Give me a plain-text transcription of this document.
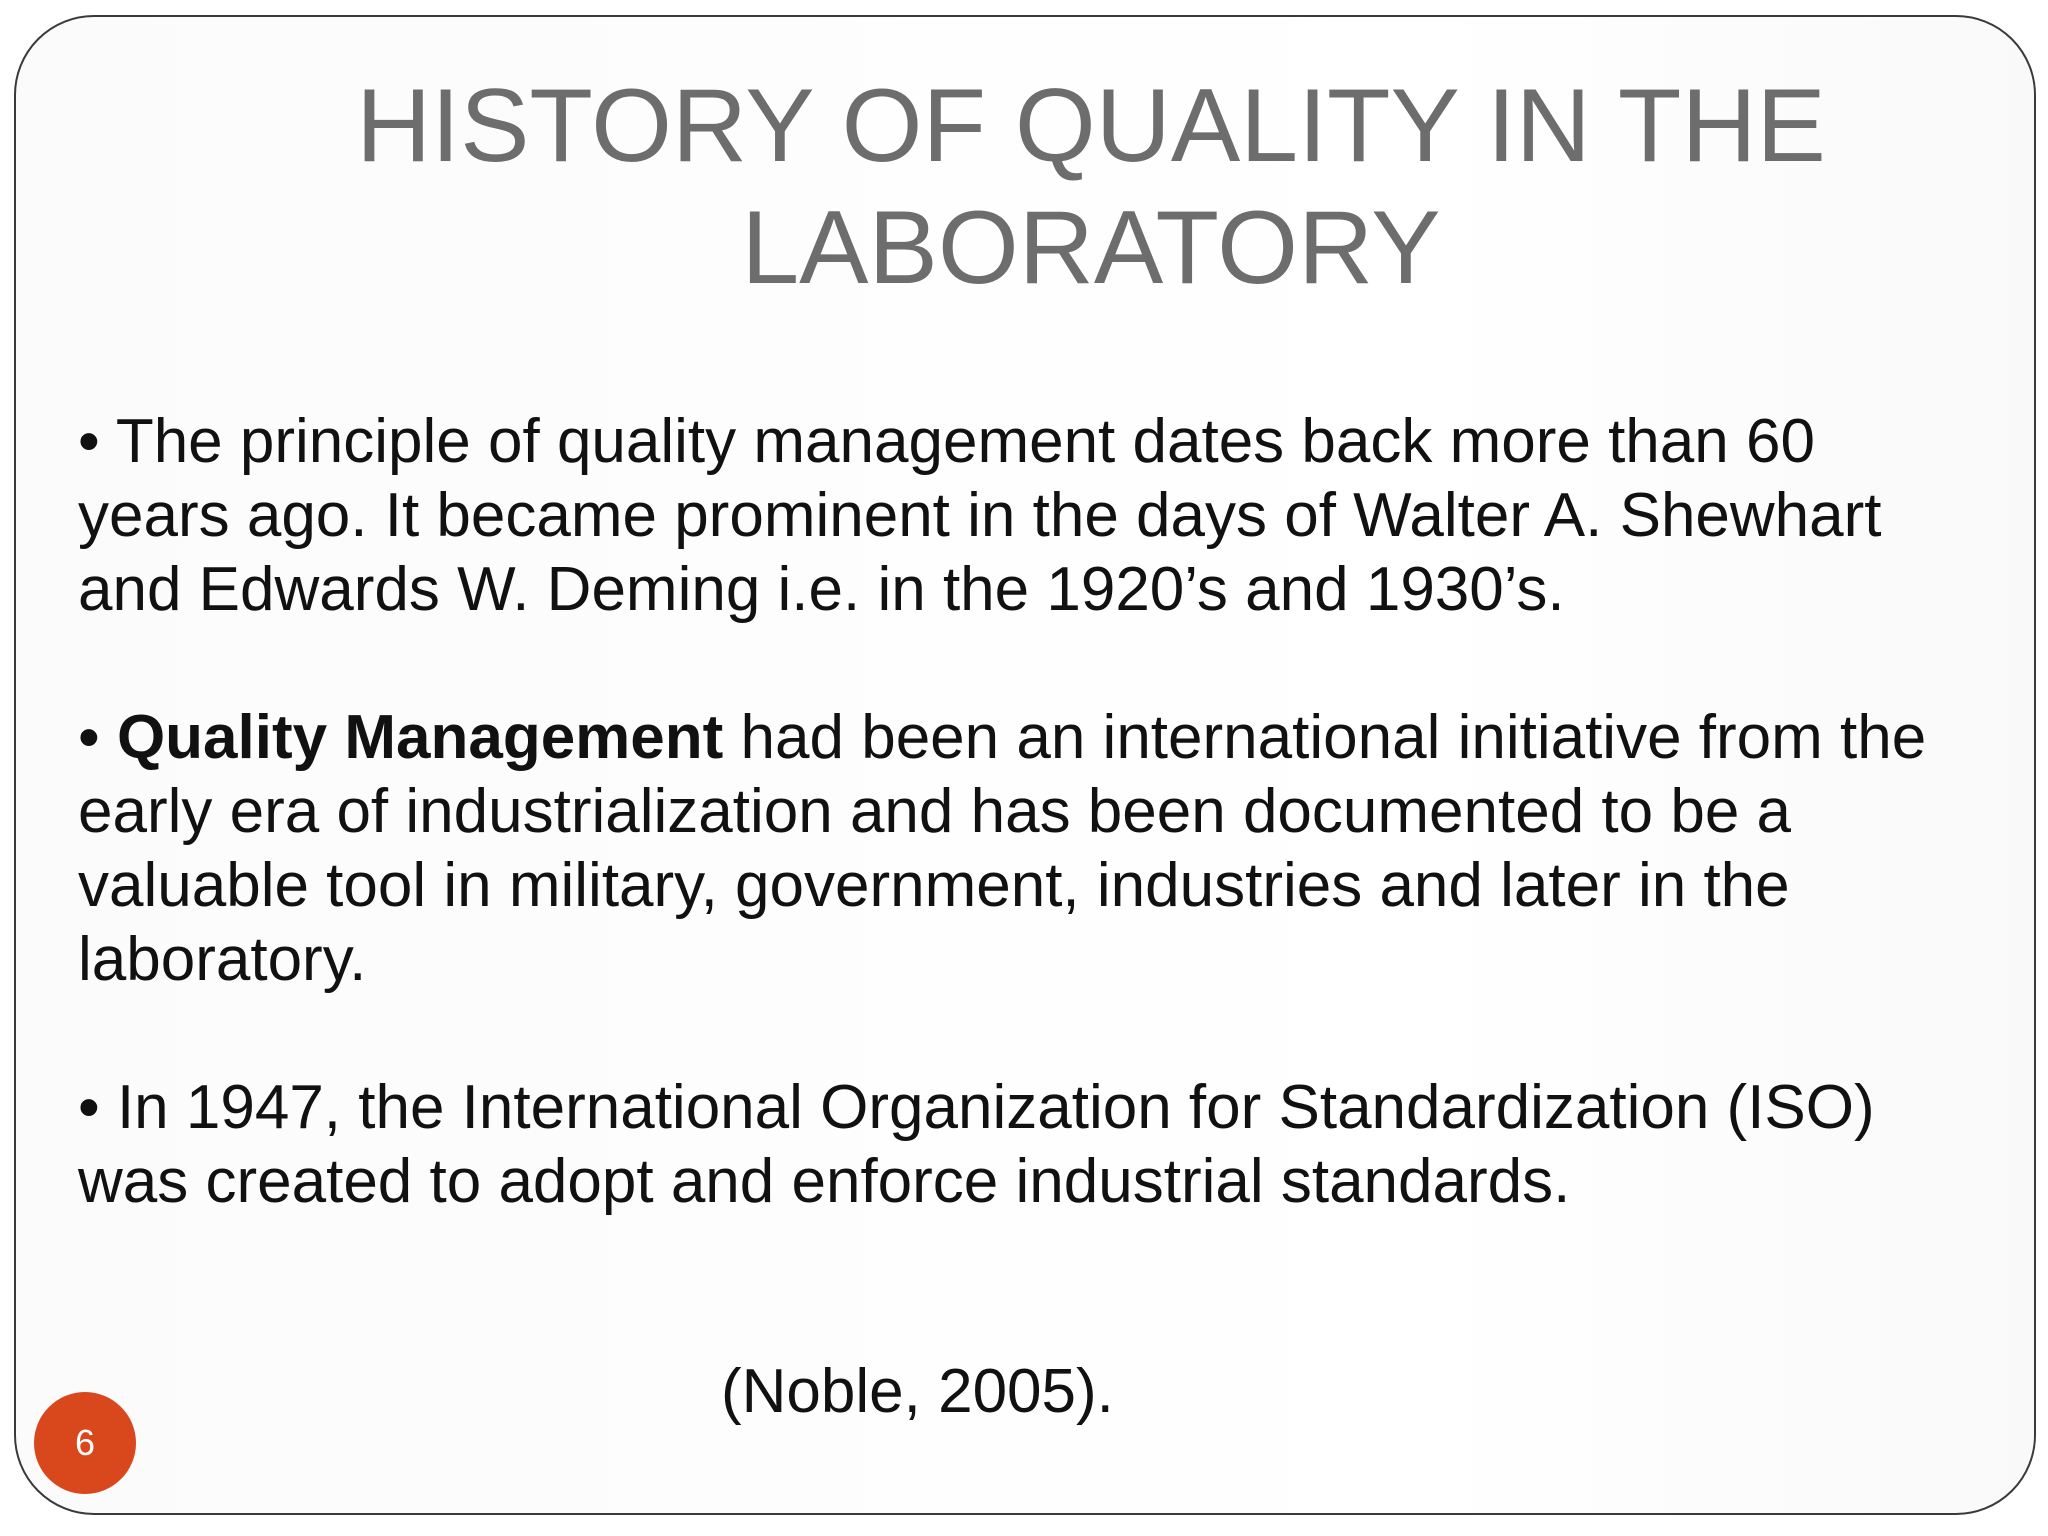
HISTORY OF QUALITY IN THE
LABORATORY

• The principle of quality management dates back more than 60 years ago. It became prominent in the days of Walter A. Shewhart and Edwards W. Deming i.e. in the 1920’s and 1930’s.

• Quality Management had been an international initiative from the early era of industrialization and has been documented to be a valuable tool in military, government, industries and later in the laboratory.

• In 1947, the International Organization for Standardization (ISO) was created to adopt and enforce industrial standards.

(Noble, 2005).
6
